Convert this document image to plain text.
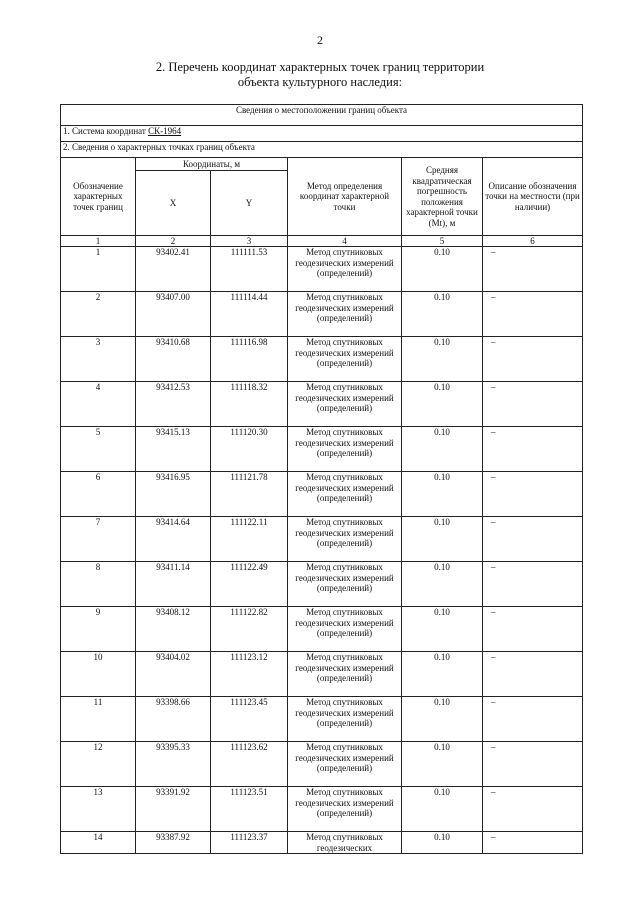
2
2. Перечень координат характерных точек границ территории
объекта культурного наследия:
Сведения о местоположении границ объекта					
1. Система координат СК-1964					
2. Сведения о характерных точках границ объекта					
Обозначение характерных точек границ	Координаты, м		Метод определения координат характерной точки	Средняя квадратическая погрешность положения характерной точки (Mt), м	Описание обозначения точки на местности (при наличии)
	X	Y			
1	2	3	4	5	6
1	93402.41	111111.53	Метод спутниковых геодезических измерений (определений)	0.10	–
2	93407.00	111114.44	Метод спутниковых геодезических измерений (определений)	0.10	–
3	93410.68	111116.98	Метод спутниковых геодезических измерений (определений)	0.10	–
4	93412.53	111118.32	Метод спутниковых геодезических измерений (определений)	0.10	–
5	93415.13	111120.30	Метод спутниковых геодезических измерений (определений)	0.10	–
6	93416.95	111121.78	Метод спутниковых геодезических измерений (определений)	0.10	–
7	93414.64	111122.11	Метод спутниковых геодезических измерений (определений)	0.10	–
8	93411.14	111122.49	Метод спутниковых геодезических измерений (определений)	0.10	–
9	93408.12	111122.82	Метод спутниковых геодезических измерений (определений)	0.10	–
10	93404.02	111123.12	Метод спутниковых геодезических измерений (определений)	0.10	–
11	93398.66	111123.45	Метод спутниковых геодезических измерений (определений)	0.10	–
12	93395.33	111123.62	Метод спутниковых геодезических измерений (определений)	0.10	–
13	93391.92	111123.51	Метод спутниковых геодезических измерений (определений)	0.10	–
14	93387.92	111123.37	Метод спутниковых геодезических	0.10	–
